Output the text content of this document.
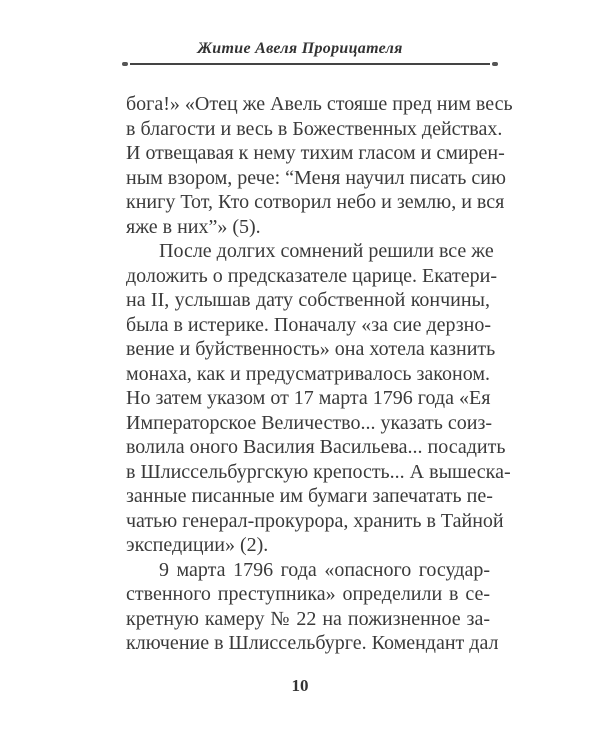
Житие Авеля Прорицателя
бога!» «Отец же Авель стояше пред ним весь
в благости и весь в Божественных действах.
И отвещавая к нему тихим гласом и смирен-
ным взором, рече: “Меня научил писать сию
книгу Тот, Кто сотворил небо и землю, и вся
яже в них”» (5).
После долгих сомнений решили все же
доложить о предсказателе царице. Екатери-
на II, услышав дату собственной кончины,
была в истерике. Поначалу «за сие дерзно-
вение и буйственность» она хотела казнить
монаха, как и предусматривалось законом.
Но затем указом от 17 марта 1796 года «Ея
Императорское Величество... указать соиз-
волила оного Василия Васильева... посадить
в Шлиссельбургскую крепость... А вышеска-
занные писанные им бумаги запечатать пе-
чатью генерал-прокурора, хранить в Тайной
экспедиции» (2).
9 марта 1796 года «опасного государ-
ственного преступника» определили в се-
кретную камеру № 22 на пожизненное за-
ключение в Шлиссельбурге. Комендант дал
10
